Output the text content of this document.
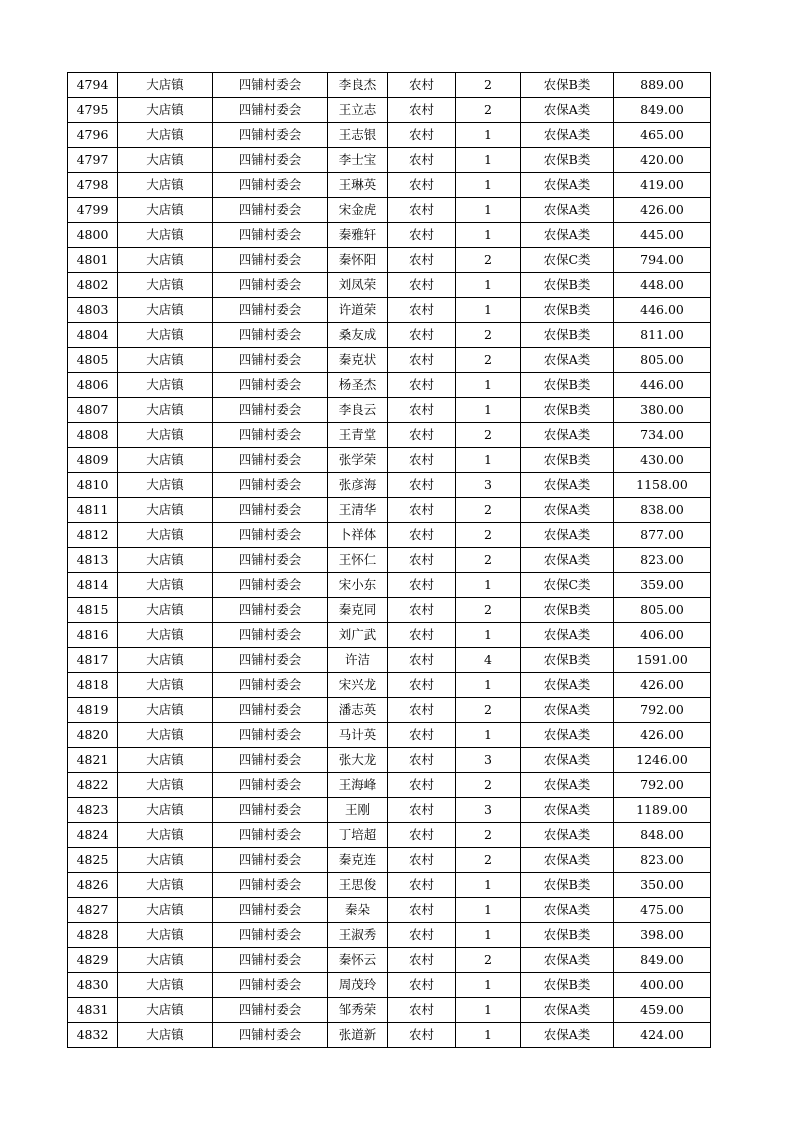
4794	大店镇	四铺村委会	李良杰	农村	2	农保B类	889.00
4795	大店镇	四铺村委会	王立志	农村	2	农保A类	849.00
4796	大店镇	四铺村委会	王志银	农村	1	农保A类	465.00
4797	大店镇	四铺村委会	李士宝	农村	1	农保B类	420.00
4798	大店镇	四铺村委会	王琳英	农村	1	农保A类	419.00
4799	大店镇	四铺村委会	宋金虎	农村	1	农保A类	426.00
4800	大店镇	四铺村委会	秦雅轩	农村	1	农保A类	445.00
4801	大店镇	四铺村委会	秦怀阳	农村	2	农保C类	794.00
4802	大店镇	四铺村委会	刘凤荣	农村	1	农保B类	448.00
4803	大店镇	四铺村委会	许道荣	农村	1	农保B类	446.00
4804	大店镇	四铺村委会	桑友成	农村	2	农保B类	811.00
4805	大店镇	四铺村委会	秦克状	农村	2	农保A类	805.00
4806	大店镇	四铺村委会	杨圣杰	农村	1	农保B类	446.00
4807	大店镇	四铺村委会	李良云	农村	1	农保B类	380.00
4808	大店镇	四铺村委会	王青堂	农村	2	农保A类	734.00
4809	大店镇	四铺村委会	张学荣	农村	1	农保B类	430.00
4810	大店镇	四铺村委会	张彦海	农村	3	农保A类	1158.00
4811	大店镇	四铺村委会	王清华	农村	2	农保A类	838.00
4812	大店镇	四铺村委会	卜祥体	农村	2	农保A类	877.00
4813	大店镇	四铺村委会	王怀仁	农村	2	农保A类	823.00
4814	大店镇	四铺村委会	宋小东	农村	1	农保C类	359.00
4815	大店镇	四铺村委会	秦克同	农村	2	农保B类	805.00
4816	大店镇	四铺村委会	刘广武	农村	1	农保A类	406.00
4817	大店镇	四铺村委会	许洁	农村	4	农保B类	1591.00
4818	大店镇	四铺村委会	宋兴龙	农村	1	农保A类	426.00
4819	大店镇	四铺村委会	潘志英	农村	2	农保A类	792.00
4820	大店镇	四铺村委会	马计英	农村	1	农保A类	426.00
4821	大店镇	四铺村委会	张大龙	农村	3	农保A类	1246.00
4822	大店镇	四铺村委会	王海峰	农村	2	农保A类	792.00
4823	大店镇	四铺村委会	王刚	农村	3	农保A类	1189.00
4824	大店镇	四铺村委会	丁培超	农村	2	农保A类	848.00
4825	大店镇	四铺村委会	秦克连	农村	2	农保A类	823.00
4826	大店镇	四铺村委会	王思俊	农村	1	农保B类	350.00
4827	大店镇	四铺村委会	秦朵	农村	1	农保A类	475.00
4828	大店镇	四铺村委会	王淑秀	农村	1	农保B类	398.00
4829	大店镇	四铺村委会	秦怀云	农村	2	农保A类	849.00
4830	大店镇	四铺村委会	周茂玲	农村	1	农保B类	400.00
4831	大店镇	四铺村委会	邹秀荣	农村	1	农保A类	459.00
4832	大店镇	四铺村委会	张道新	农村	1	农保A类	424.00
